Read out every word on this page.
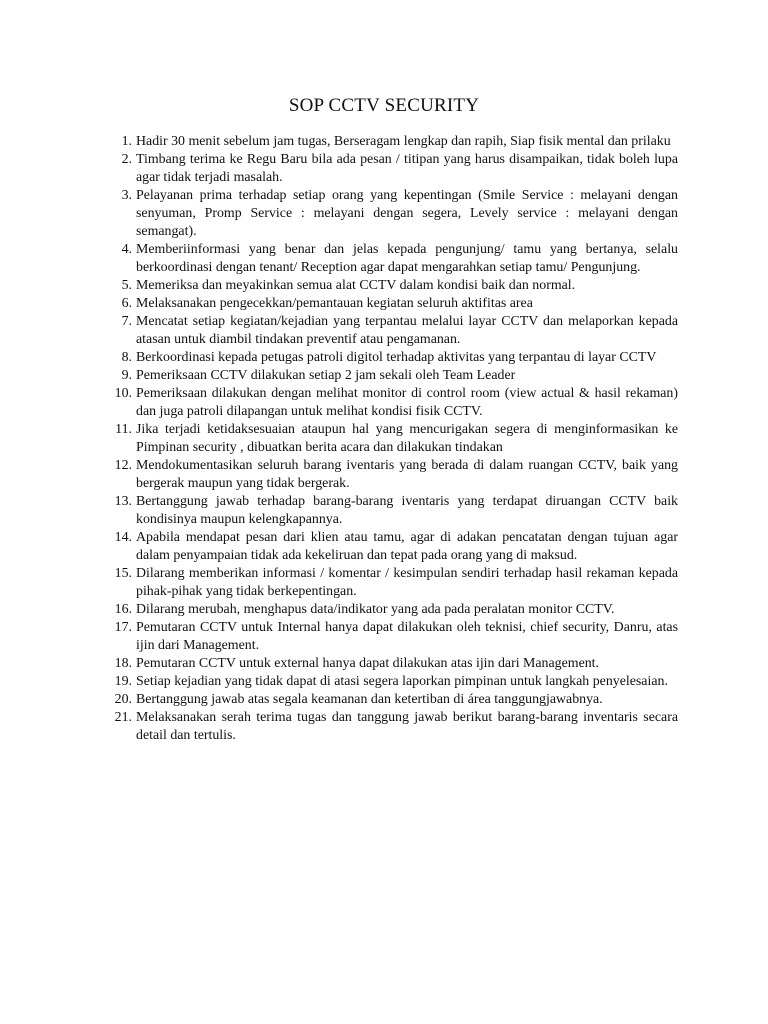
SOP CCTV SECURITY
1. Hadir 30 menit sebelum jam tugas, Berseragam lengkap dan rapih, Siap fisik mental dan prilaku
2. Timbang terima ke Regu Baru bila ada pesan / titipan yang harus disampaikan, tidak boleh lupa agar tidak terjadi masalah.
3. Pelayanan prima terhadap setiap orang yang kepentingan (Smile Service : melayani dengan senyuman, Promp Service : melayani dengan segera, Levely service : melayani dengan semangat).
4. Memberiinformasi yang benar dan jelas kepada pengunjung/ tamu yang bertanya, selalu berkoordinasi dengan tenant/ Reception agar dapat mengarahkan setiap tamu/ Pengunjung.
5. Memeriksa dan meyakinkan semua alat CCTV dalam kondisi baik dan normal.
6. Melaksanakan pengecekkan/pemantauan kegiatan seluruh aktifitas area
7. Mencatat setiap kegiatan/kejadian yang terpantau melalui layar CCTV dan melaporkan kepada atasan untuk diambil tindakan preventif atau pengamanan.
8. Berkoordinasi kepada petugas patroli digitol terhadap aktivitas yang terpantau di layar CCTV
9. Pemeriksaan CCTV dilakukan setiap 2 jam sekali oleh Team Leader
10. Pemeriksaan dilakukan dengan melihat monitor di control room (view actual & hasil rekaman) dan juga patroli dilapangan untuk melihat kondisi fisik CCTV.
11. Jika terjadi ketidaksesuaian ataupun hal yang mencurigakan segera di menginformasikan ke Pimpinan security , dibuatkan berita acara dan dilakukan tindakan
12. Mendokumentasikan seluruh barang iventaris yang berada di dalam ruangan CCTV, baik yang bergerak maupun yang tidak bergerak.
13. Bertanggung jawab terhadap barang-barang iventaris yang terdapat diruangan CCTV baik kondisinya maupun kelengkapannya.
14. Apabila mendapat pesan dari klien atau tamu, agar di adakan pencatatan dengan tujuan agar dalam penyampaian tidak ada kekeliruan dan tepat pada orang yang di maksud.
15. Dilarang memberikan informasi / komentar / kesimpulan sendiri terhadap hasil rekaman kepada pihak-pihak yang tidak berkepentingan.
16. Dilarang merubah, menghapus data/indikator yang ada pada peralatan monitor CCTV.
17. Pemutaran CCTV untuk Internal hanya dapat dilakukan oleh teknisi, chief security, Danru, atas ijin dari Management.
18. Pemutaran CCTV untuk external hanya dapat dilakukan atas ijin dari Management.
19. Setiap kejadian yang tidak dapat di atasi segera laporkan pimpinan untuk langkah penyelesaian.
20. Bertanggung jawab atas segala keamanan dan ketertiban di área tanggungjawabnya.
21. Melaksanakan serah terima tugas dan tanggung jawab berikut barang-barang inventaris secara detail dan tertulis.
